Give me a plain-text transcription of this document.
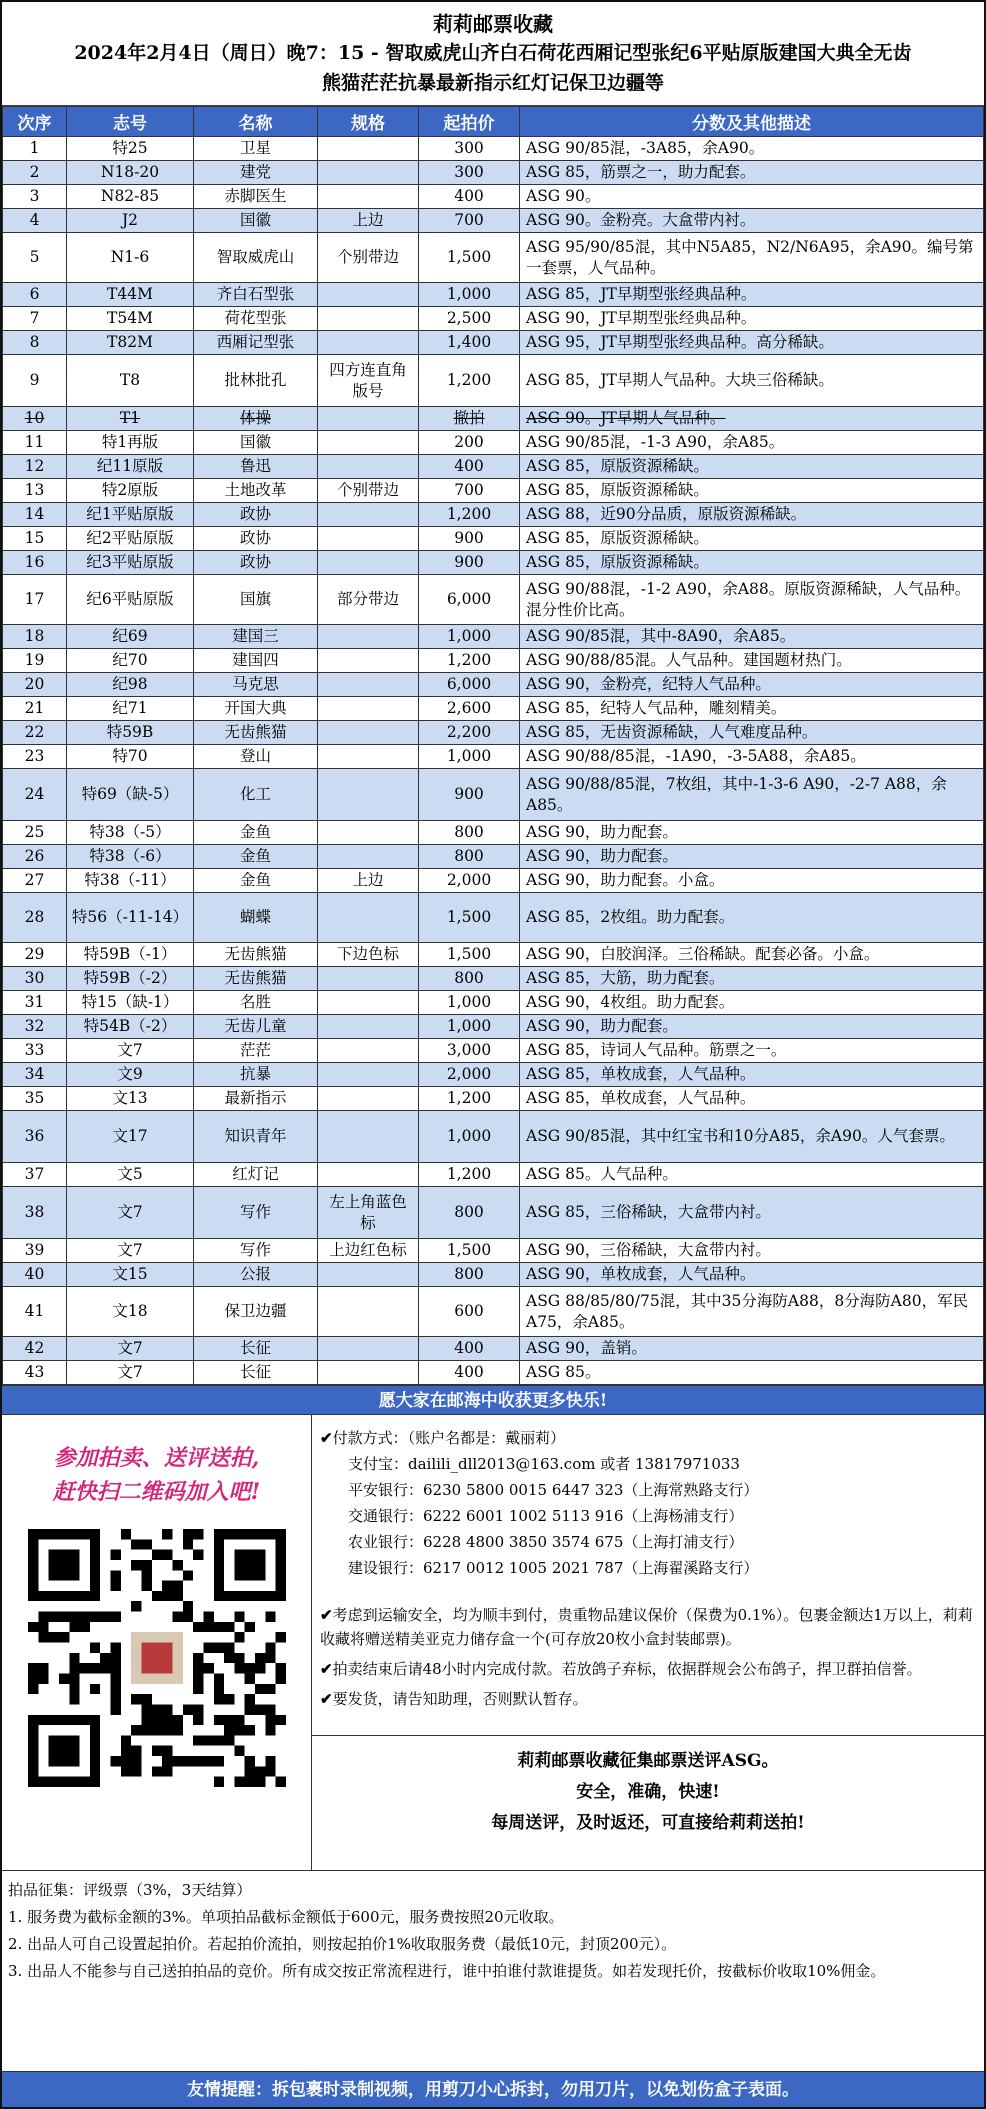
莉莉邮票收藏
2024年2月4日（周日）晚7：15 - 智取威虎山齐白石荷花西厢记型张纪6平贴原版建国大典全无齿
熊猫茫茫抗暴最新指示红灯记保卫边疆等
次序	志号	名称	规格	起拍价	分数及其他描述
1	特25	卫星		300	ASG 90/85混，-3A85，余A90。
2	N18-20	建党		300	ASG 85，筋票之一，助力配套。
3	N82-85	赤脚医生		400	ASG 90。
4	J2	国徽	上边	700	ASG 90。金粉亮。大盒带内衬。
5	N1-6	智取威虎山	个别带边	1,500	ASG 95/90/85混，其中N5A85，N2/N6A95，余A90。编号第一套票，人气品种。
6	T44M	齐白石型张		1,000	ASG 85，JT早期型张经典品种。
7	T54M	荷花型张		2,500	ASG 90，JT早期型张经典品种。
8	T82M	西厢记型张		1,400	ASG 95，JT早期型张经典品种。高分稀缺。
9	T8	批林批孔	四方连直角版号	1,200	ASG 85，JT早期人气品种。大块三俗稀缺。
10	T1	体操		撤拍	ASG 90。JT早期人气品种。
11	特1再版	国徽		200	ASG 90/85混，-1-3 A90，余A85。
12	纪11原版	鲁迅		400	ASG 85，原版资源稀缺。
13	特2原版	土地改革	个别带边	700	ASG 85，原版资源稀缺。
14	纪1平贴原版	政协		1,200	ASG 88，近90分品质，原版资源稀缺。
15	纪2平贴原版	政协		900	ASG 85，原版资源稀缺。
16	纪3平贴原版	政协		900	ASG 85，原版资源稀缺。
17	纪6平贴原版	国旗	部分带边	6,000	ASG 90/88混，-1-2 A90，余A88。原版资源稀缺，人气品种。混分性价比高。
18	纪69	建国三		1,000	ASG 90/85混，其中-8A90，余A85。
19	纪70	建国四		1,200	ASG 90/88/85混。人气品种。建国题材热门。
20	纪98	马克思		6,000	ASG 90，金粉亮，纪特人气品种。
21	纪71	开国大典		2,600	ASG 85，纪特人气品种，雕刻精美。
22	特59B	无齿熊猫		2,200	ASG 85，无齿资源稀缺，人气难度品种。
23	特70	登山		1,000	ASG 90/88/85混，-1A90，-3-5A88，余A85。
24	特69（缺-5）	化工		900	ASG 90/88/85混，7枚组，其中-1-3-6 A90，-2-7 A88，余A85。
25	特38（-5）	金鱼		800	ASG 90，助力配套。
26	特38（-6）	金鱼		800	ASG 90，助力配套。
27	特38（-11）	金鱼	上边	2,000	ASG 90，助力配套。小盒。
28	特56（-11-14）	蝴蝶		1,500	ASG 85，2枚组。助力配套。
29	特59B（-1）	无齿熊猫	下边色标	1,500	ASG 90，白胶润泽。三俗稀缺。配套必备。小盒。
30	特59B（-2）	无齿熊猫		800	ASG 85，大筋，助力配套。
31	特15（缺-1）	名胜		1,000	ASG 90，4枚组。助力配套。
32	特54B（-2）	无齿儿童		1,000	ASG 90，助力配套。
33	文7	茫茫		3,000	ASG 85，诗词人气品种。筋票之一。
34	文9	抗暴		2,000	ASG 85，单枚成套，人气品种。
35	文13	最新指示		1,200	ASG 85，单枚成套，人气品种。
36	文17	知识青年		1,000	ASG 90/85混，其中红宝书和10分A85，余A90。人气套票。
37	文5	红灯记		1,200	ASG 85。人气品种。
38	文7	写作	左上角蓝色标	800	ASG 85，三俗稀缺，大盒带内衬。
39	文7	写作	上边红色标	1,500	ASG 90，三俗稀缺，大盒带内衬。
40	文15	公报		800	ASG 90，单枚成套，人气品种。
41	文18	保卫边疆		600	ASG 88/85/80/75混，其中35分海防A88，8分海防A80，军民A75，余A85。
42	文7	长征		400	ASG 90，盖销。
43	文7	长征		400	ASG 85。
愿大家在邮海中收获更多快乐!
参加拍卖、送评送拍,
赶快扫二维码加入吧!
✔付款方式：（账户名都是：戴丽莉）
支付宝：dailili_dll2013@163.com 或者 13817971033
平安银行：6230 5800 0015 6447 323（上海常熟路支行）
交通银行：6222 6001 1002 5113 916（上海杨浦支行）
农业银行：6228 4800 3850 3574 675（上海打浦支行）
建设银行：6217 0012 1005 2021 787（上海翟溪路支行）
✔考虑到运输安全，均为顺丰到付，贵重物品建议保价（保费为0.1%）。包裹金额达1万以上，莉莉收藏将赠送精美亚克力储存盒一个(可存放20枚小盒封装邮票)。
✔拍卖结束后请48小时内完成付款。若放鸽子弃标，依据群规会公布鸽子，捍卫群拍信誉。
✔要发货，请告知助理，否则默认暂存。
莉莉邮票收藏征集邮票送评ASG。
安全，准确，快速!
每周送评，及时返还，可直接给莉莉送拍!
拍品征集：评级票（3%，3天结算）
1. 服务费为截标金额的3%。单项拍品截标金额低于600元，服务费按照20元收取。
2. 出品人可自己设置起拍价。若起拍价流拍，则按起拍价1%收取服务费（最低10元，封顶200元）。
3. 出品人不能参与自己送拍拍品的竞价。所有成交按正常流程进行，谁中拍谁付款谁提货。如若发现托价，按截标价收取10%佣金。
友情提醒：拆包裹时录制视频，用剪刀小心拆封，勿用刀片，以免划伤盒子表面。
